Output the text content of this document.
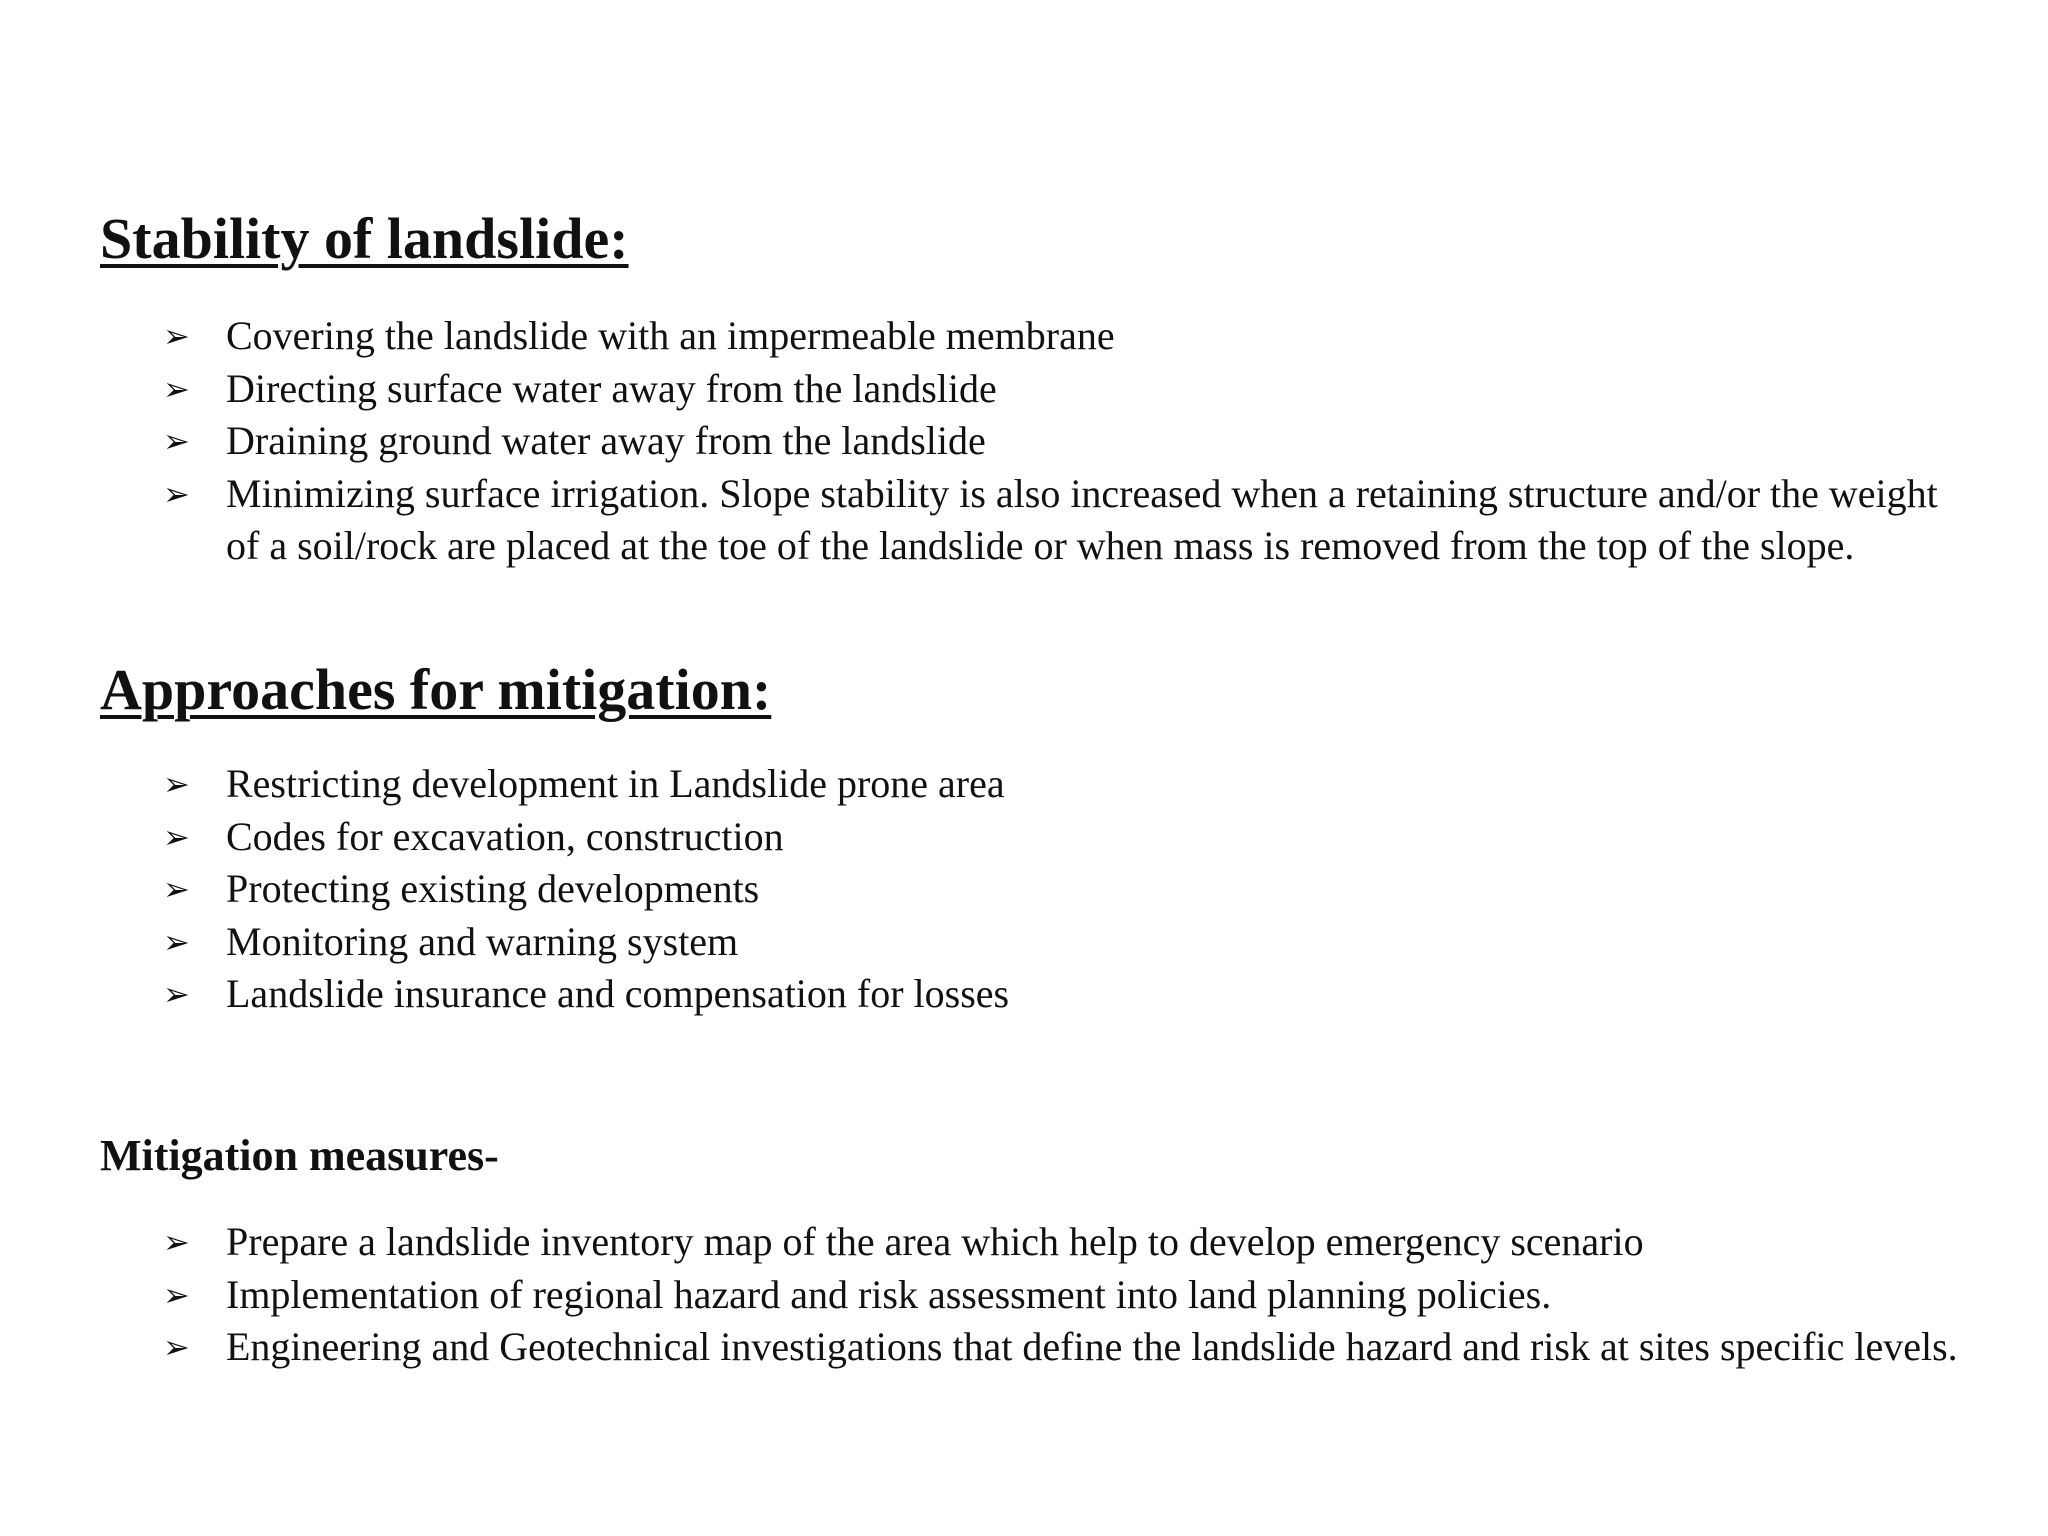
Stability of landslide:
➢ Covering the landslide with an impermeable membrane
➢ Directing surface water away from the landslide
➢ Draining ground water away from the landslide
➢ Minimizing surface irrigation. Slope stability is also increased when a retaining structure and/or the weight of a soil/rock are placed at the toe of the landslide or when mass is removed from the top of the slope.
Approaches for mitigation:
➢ Restricting development in Landslide prone area
➢ Codes for excavation, construction
➢ Protecting existing developments
➢ Monitoring and warning system
➢ Landslide insurance and compensation for losses
Mitigation measures-
➢ Prepare a landslide inventory map of the area which help to develop emergency scenario
➢ Implementation of regional hazard and risk assessment into land planning policies.
➢ Engineering and Geotechnical investigations that define the landslide hazard and risk at sites specific levels.
